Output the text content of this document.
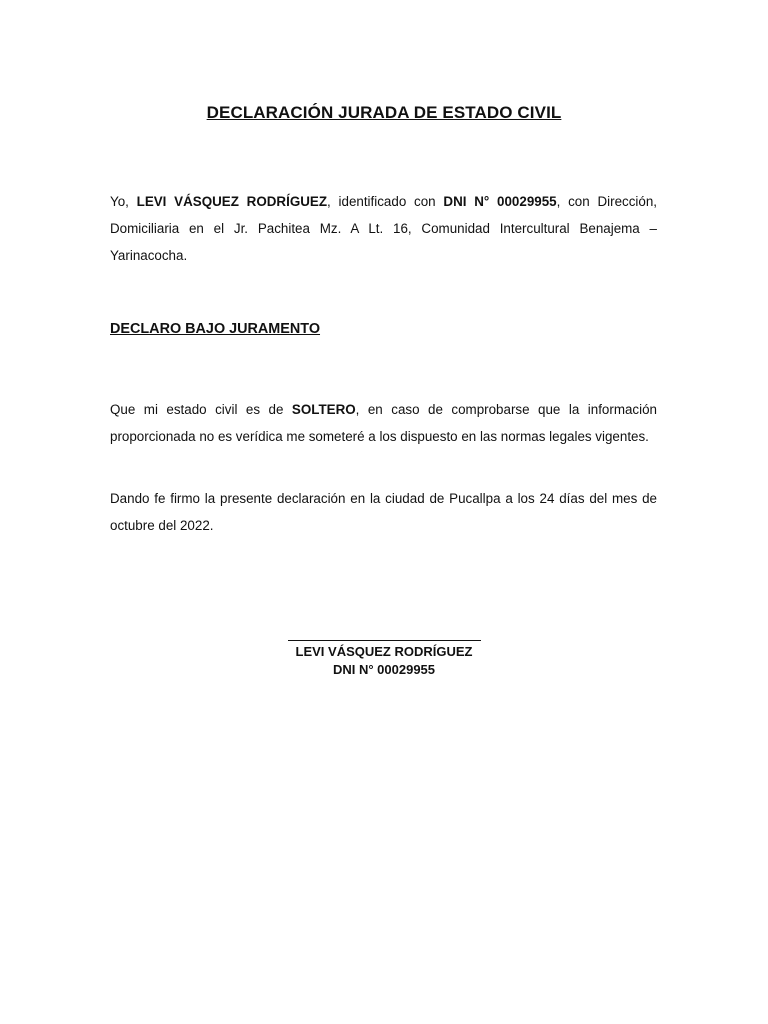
DECLARACIÓN JURADA DE ESTADO CIVIL

Yo, LEVI VÁSQUEZ RODRÍGUEZ, identificado con DNI N° 00029955, con Dirección, Domiciliaria en el Jr. Pachitea Mz. A Lt. 16, Comunidad Intercultural Benajema – Yarinacocha.

DECLARO BAJO JURAMENTO

Que mi estado civil es de SOLTERO, en caso de comprobarse que la información proporcionada no es verídica me someteré a los dispuesto en las normas legales vigentes.

Dando fe firmo la presente declaración en la ciudad de Pucallpa a los 24 días del mes de octubre del 2022.

LEVI VÁSQUEZ RODRÍGUEZ
DNI N° 00029955
